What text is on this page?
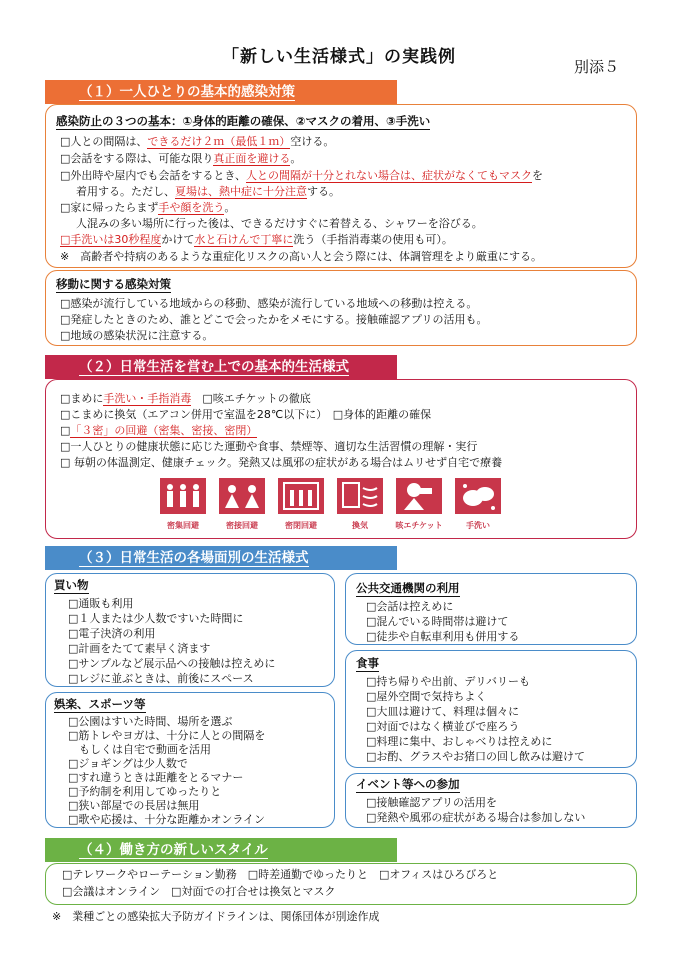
「新しい生活様式」の実践例	別添５
（１）一人ひとりの基本的感染対策
感染防止の３つの基本：①身体的距離の確保、②マスクの着用、③手洗い
□人との間隔は、できるだけ２ｍ（最低１ｍ）空ける。
□会話をする際は、可能な限り真正面を避ける。
□外出時や屋内でも会話をするとき、人との間隔が十分とれない場合は、症状がなくてもマスクを
着用する。ただし、夏場は、熱中症に十分注意する。
□家に帰ったらまず手や顔を洗う。
人混みの多い場所に行った後は、できるだけすぐに着替える、シャワーを浴びる。
□手洗いは30秒程度かけて水と石けんで丁寧に洗う（手指消毒薬の使用も可）。
※　高齢者や持病のあるような重症化リスクの高い人と会う際には、体調管理をより厳重にする。
移動に関する感染対策
□感染が流行している地域からの移動、感染が流行している地域への移動は控える。
□発症したときのため、誰とどこで会ったかをメモにする。接触確認アプリの活用も。
□地域の感染状況に注意する。
（２）日常生活を営む上での基本的生活様式
□まめに手洗い・手指消毒　 □咳エチケットの徹底
□こまめに換気（エアコン併用で室温を28℃以下に）　 □身体的距離の確保
□「３密」の回避（密集、密接、密閉）
□一人ひとりの健康状態に応じた運動や食事、禁煙等、適切な生活習慣の理解・実行
□ 毎朝の体温測定、健康チェック。発熱又は風邪の症状がある場合はムリせず自宅で療養
密集回避	密接回避	密閉回避	換気	咳エチケット	手洗い
（３）日常生活の各場面別の生活様式
買い物
□通販も利用
□１人または少人数ですいた時間に
□電子決済の利用
□計画をたてて素早く済ます
□サンプルなど展示品への接触は控えめに
□レジに並ぶときは、前後にスペース
娯楽、スポーツ等
□公園はすいた時間、場所を選ぶ
□筋トレやヨガは、十分に人との間隔を
　もしくは自宅で動画を活用
□ジョギングは少人数で
□すれ違うときは距離をとるマナー
□予約制を利用してゆったりと
□狭い部屋での長居は無用
□歌や応援は、十分な距離かオンライン
公共交通機関の利用
□会話は控えめに
□混んでいる時間帯は避けて
□徒歩や自転車利用も併用する
食事
□持ち帰りや出前、デリバリーも
□屋外空間で気持ちよく
□大皿は避けて、料理は個々に
□対面ではなく横並びで座ろう
□料理に集中、おしゃべりは控えめに
□お酌、グラスやお猪口の回し飲みは避けて
イベント等への参加
□接触確認アプリの活用を
□発熱や風邪の症状がある場合は参加しない
（４）働き方の新しいスタイル
□テレワークやローテーション勤務　□時差通勤でゆったりと　□オフィスはひろびろと
□会議はオンライン　□対面での打合せは換気とマスク
※　業種ごとの感染拡大予防ガイドラインは、関係団体が別途作成
